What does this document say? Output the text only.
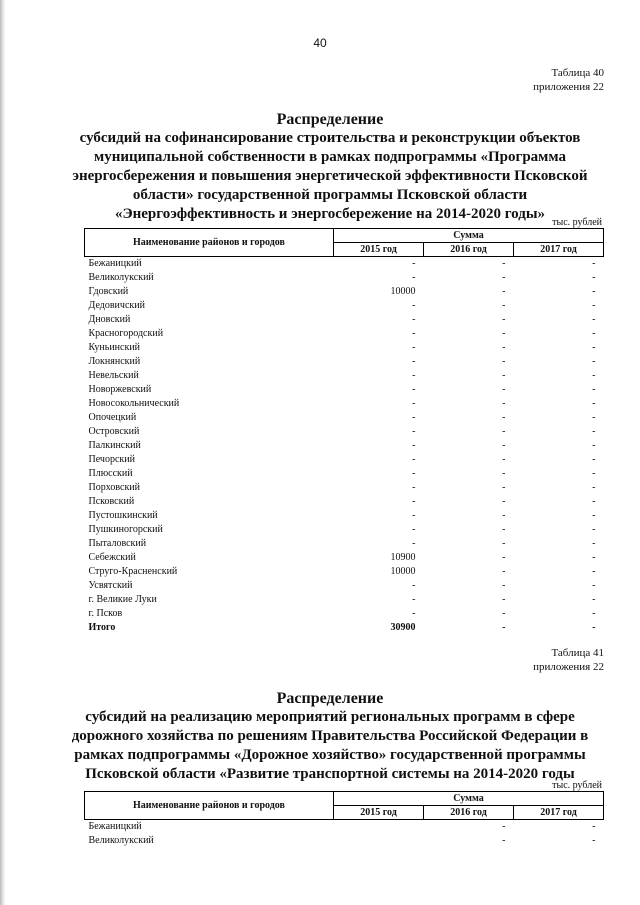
40
Таблица 40
приложения 22
Распределение
субсидий на софинансирование строительства и реконструкции объектов
муниципальной собственности в рамках подпрограммы «Программа
энергосбережения и повышения энергетической эффективности Псковской
области» государственной программы Псковской области
«Энергоэффективность и энергосбережение на 2014-2020 годы»
тыс. рублей
Наименование районов и городов	Сумма		
	2015 год	2016 год	2017 год
Бежаницкий	-	-	-
Великолукский	-	-	-
Гдовский	10000	-	-
Дедовичский	-	-	-
Дновский	-	-	-
Красногородский	-	-	-
Куньинский	-	-	-
Локнянский	-	-	-
Невельский	-	-	-
Новоржевский	-	-	-
Новосокольнический	-	-	-
Опочецкий	-	-	-
Островский	-	-	-
Палкинский	-	-	-
Печорский	-	-	-
Плюсский	-	-	-
Порховский	-	-	-
Псковский	-	-	-
Пустошкинский	-	-	-
Пушкиногорский	-	-	-
Пыталовский	-	-	-
Себежский	10900	-	-
Струго-Красненский	10000	-	-
Усвятский	-	-	-
г. Великие Луки	-	-	-
г. Псков	-	-	-
Итого	30900	-	-
Таблица 41
приложения 22
Распределение
субсидий на реализацию мероприятий региональных программ в сфере
дорожного хозяйства по решениям Правительства Российской Федерации в
рамках подпрограммы «Дорожное хозяйство» государственной программы
Псковской области «Развитие транспортной системы на 2014-2020 годы
тыс. рублей
Наименование районов и городов	Сумма		
	2015 год	2016 год	2017 год
Бежаницкий		-	-
Великолукский		-	-
